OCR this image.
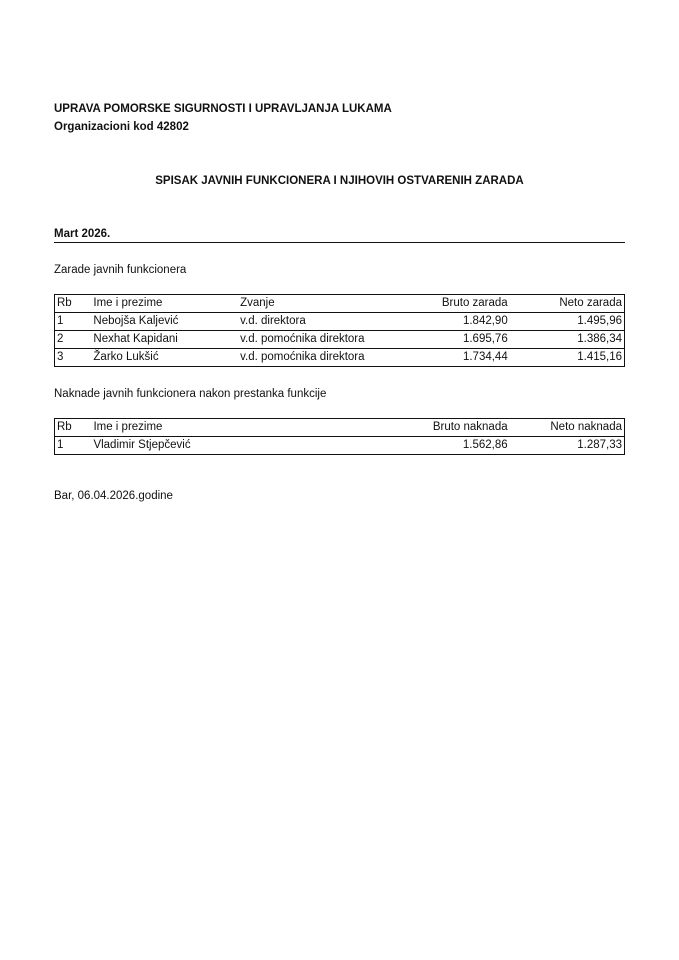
UPRAVA POMORSKE SIGURNOSTI I UPRAVLJANJA LUKAMA
Organizacioni kod 42802
SPISAK JAVNIH FUNKCIONERA I NJIHOVIH OSTVARENIH ZARADA
Mart 2026.
Zarade javnih funkcionera
Rb	Ime i prezime	Zvanje	Bruto zarada	Neto zarada
1	Nebojša Kaljević	v.d. direktora	1.842,90	1.495,96
2	Nexhat Kapidani	v.d. pomoćnika direktora	1.695,76	1.386,34
3	Žarko Lukšić	v.d. pomoćnika direktora	1.734,44	1.415,16
Naknade javnih funkcionera nakon prestanka funkcije
Rb	Ime i prezime	Bruto naknada	Neto naknada
1	Vladimir Stjepčević	1.562,86	1.287,33
Bar, 06.04.2026.godine
